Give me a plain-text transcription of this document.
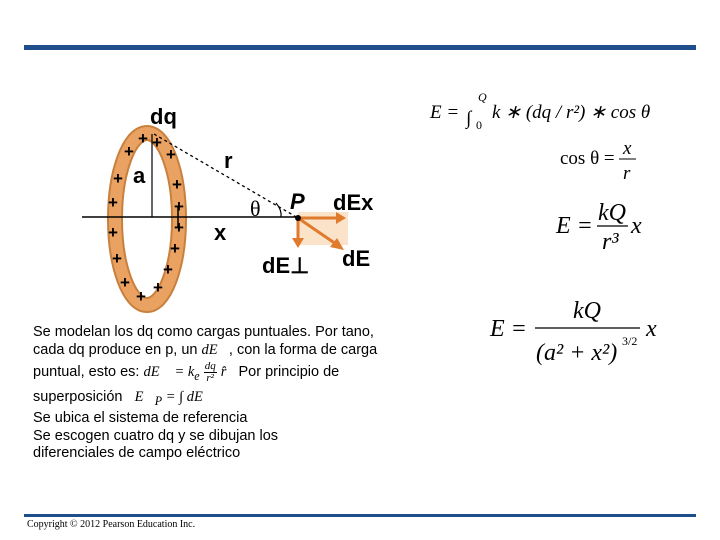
+ +
+ +
+	+
+	+
+	+
+
+
+
+ +
+
dq
r
a
θ P dEx
x
dE⊥ dE
E = ∫
Q
0
k ∗ (dq / r²) ∗ cos θ
cos θ = x
r
E = kQ
r³
x
E =
kQ
(a² + x²) 3/2 x
Se modelan los dq como cargas puntuales. Por tano,
cada dq produce en p, un dE⃗, con la forma de carga
puntual, esto es: dE⃗ = $k_e \frac{dq}{\text{r²}}$ r̂ Por principio de
superposición $E⃗_P$ = ∫ dE⃗
Se ubica el sistema de referencia
Se escogen cuatro dq y se dibujan los
diferenciales de campo eléctrico
Copyright © 2012 Pearson Education Inc.
